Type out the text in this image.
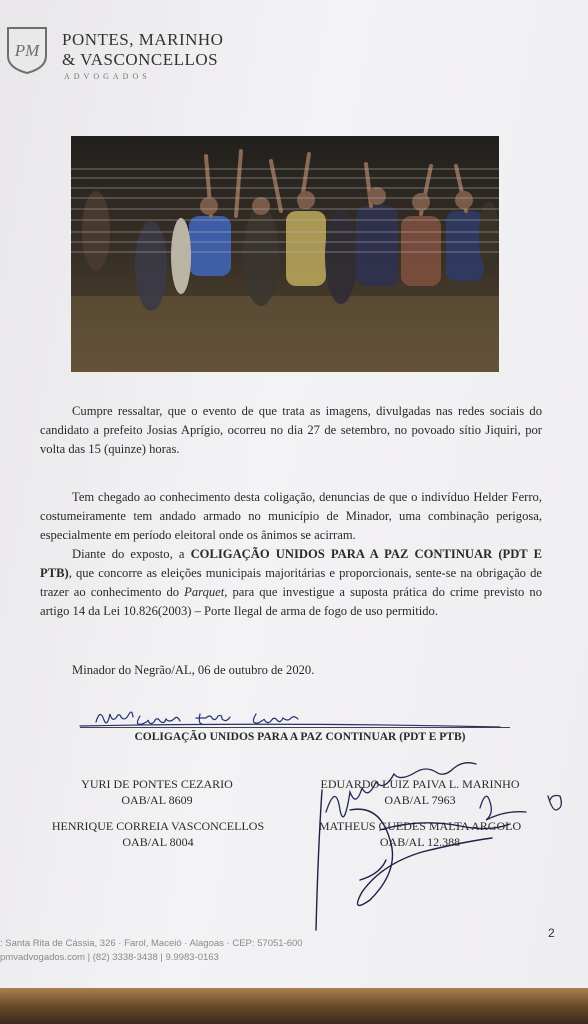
PM
PONTES, MARINHO
& VASCONCELLOS
ADVOGADOS
Cumpre ressaltar, que o evento de que trata as imagens, divulgadas nas redes sociais do candidato a prefeito Josias Aprígio, ocorreu no dia 27 de setembro, no povoado sítio Jiquiri, por volta das 15 (quinze) horas.
Tem chegado ao conhecimento desta coligação, denuncias de que o indivíduo Helder Ferro, costumeiramente tem andado armado no município de Minador, uma combinação perigosa, especialmente em período eleitoral onde os ânimos se acirram.
Diante do exposto, a COLIGAÇÃO UNIDOS PARA A PAZ CONTINUAR (PDT E PTB), que concorre as eleições municipais majoritárias e proporcionais, sente-se na obrigação de trazer ao conhecimento do Parquet, para que investigue a suposta prática do crime previsto no artigo 14 da Lei 10.826(2003) – Porte Ilegal de arma de fogo de uso permitido.
Minador do Negrão/AL, 06 de outubro de 2020.
COLIGAÇÃO UNIDOS PARA A PAZ CONTINUAR (PDT E PTB)
YURI DE PONTES CEZARIO
OAB/AL 8609
EDUARDO LUIZ PAIVA L. MARINHO
OAB/AL 7963
HENRIQUE CORREIA VASCONCELLOS
OAB/AL 8004
MATHEUS GUEDES MALTA ARGOLO
OAB/AL 12.388
: Santa Rita de Cássia, 326 · Farol, Maceió · Alagoas · CEP: 57051-600
pmvadvogados.com | (82) 3338-3438 | 9.9983-0163
2
